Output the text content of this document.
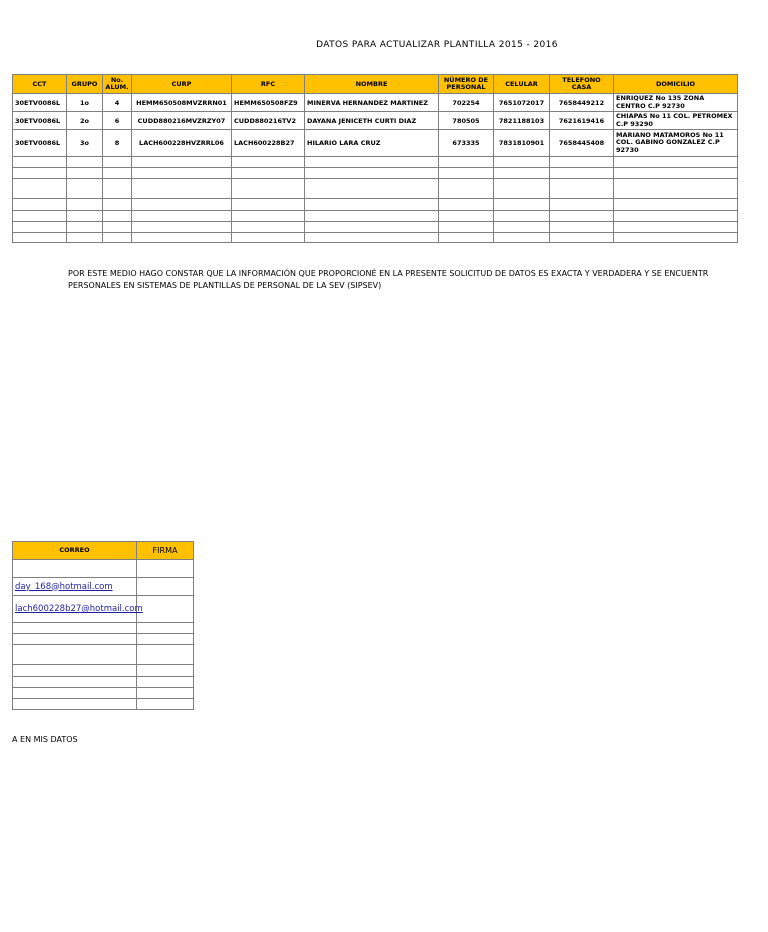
DATOS PARA ACTUALIZAR PLANTILLA 2015 - 2016
CCT	GRUPO	No. ALUM.	CURP	RFC	NOMBRE	NÚMERO DE PERSONAL	CELULAR	TELEFONO CASA	DOMICILIO
30ETV0086L	1o	4	HEMM650508MVZRRN01	HEMM650508FZ9	MINERVA HERNANDEZ MARTINEZ	702254	7651072017	7658449212	ENRIQUEZ No 135 ZONA CENTRO C.P 92730
30ETV0086L	2o	6	CUDD880216MVZRZY07	CUDD880216TV2	DAYANA JENICETH CURTI DIAZ	780505	7821188103	7621619416	CHIAPAS No 11 COL. PETROMEX C.P 93290
30ETV0086L	3o	8	LACH600228HVZRRL06	LACH600228B27	HILARIO LARA CRUZ	673335	7831810901	7658445408	MARIANO MATAMOROS No 11 COL. GABINO GONZALEZ C.P 92730

POR ESTE MEDIO HAGO CONSTAR QUE LA INFORMACIÓN QUE PROPORCIONÉ EN LA PRESENTE SOLICITUD DE DATOS ES EXACTA Y VERDADERA Y SE ENCUENTR
PERSONALES EN SISTEMAS DE PLANTILLAS DE PERSONAL DE LA SEV (SIPSEV)
CORREO	FIRMA

day_168@hotmail.com	
lach600228b27@hotmail.com	

A EN MIS DATOS
